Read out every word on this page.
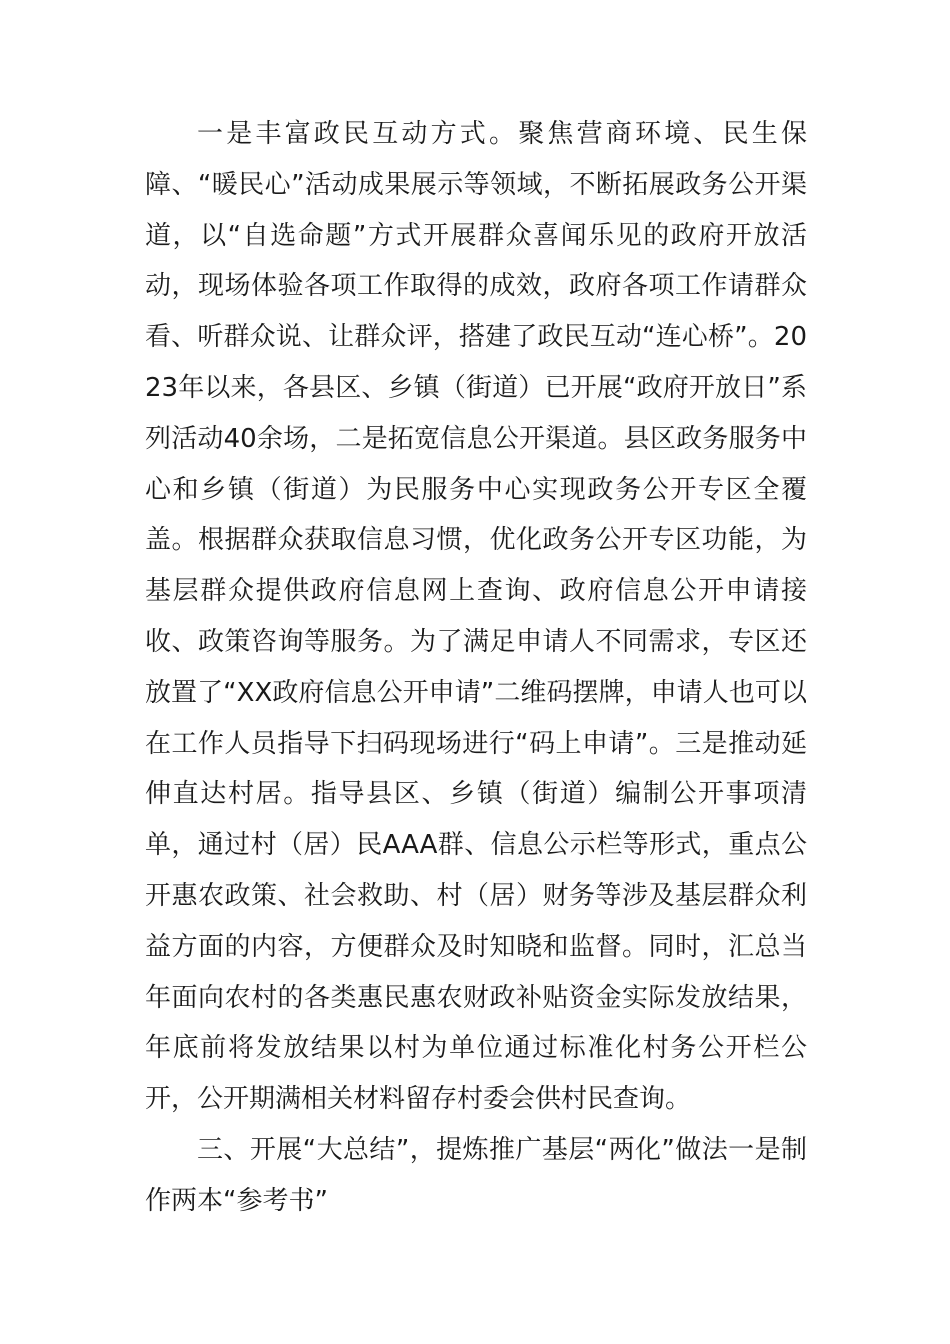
一是丰富政民互动方式。聚焦营商环境、民生保障、“暖民心”活动成果展示等领域，不断拓展政务公开渠道，以“自选命题”方式开展群众喜闻乐见的政府开放活动，现场体验各项工作取得的成效，政府各项工作请群众看、听群众说、让群众评，搭建了政民互动“连心桥”。2023年以来，各县区、乡镇（街道）已开展“政府开放日”系列活动40余场，二是拓宽信息公开渠道。县区政务服务中心和乡镇（街道）为民服务中心实现政务公开专区全覆盖。根据群众获取信息习惯，优化政务公开专区功能，为基层群众提供政府信息网上查询、政府信息公开申请接收、政策咨询等服务。为了满足申请人不同需求，专区还放置了“XX政府信息公开申请”二维码摆牌，申请人也可以在工作人员指导下扫码现场进行“码上申请”。三是推动延伸直达村居。指导县区、乡镇（街道）编制公开事项清单，通过村（居）民AAA群、信息公示栏等形式，重点公开惠农政策、社会救助、村（居）财务等涉及基层群众利益方面的内容，方便群众及时知晓和监督。同时，汇总当年面向农村的各类惠民惠农财政补贴资金实际发放结果，年底前将发放结果以村为单位通过标准化村务公开栏公开，公开期满相关材料留存村委会供村民查询。

三、开展“大总结”，提炼推广基层“两化”做法一是制作两本“参考书”
